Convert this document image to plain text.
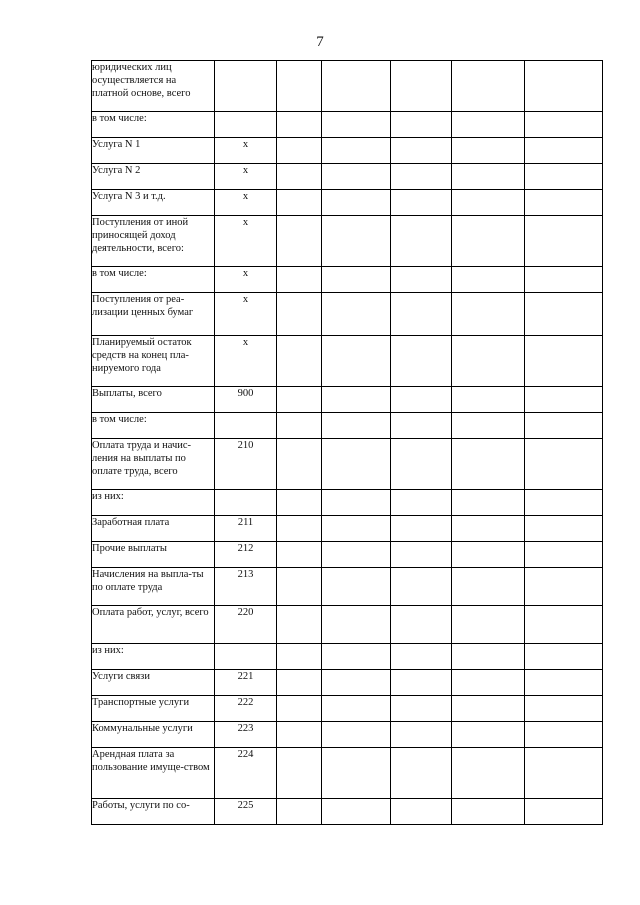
7
юридических лиц осуществляется на платной основе, всего						
в том числе:						
Услуга N 1	x					
Услуга N 2	x					
Услуга N 3 и т.д.	x					
Поступления от иной приносящей доход деятельности, всего:	x					
в том числе:	x					
Поступления от реа-лизации ценных бумаг	x					
Планируемый остаток средств на конец пла-нируемого года	x					
Выплаты, всего	900					
в том числе:						
Оплата труда и начис-ления на выплаты по оплате труда, всего	210					
из них:						
Заработная плата	211					
Прочие выплаты	212					
Начисления на выпла-ты по оплате труда	213					
Оплата работ, услуг, всего	220					
из них:						
Услуги связи	221					
Транспортные услуги	222					
Коммунальные услуги	223					
Арендная плата за пользование имуще-ством	224					
Работы, услуги по со-	225					
